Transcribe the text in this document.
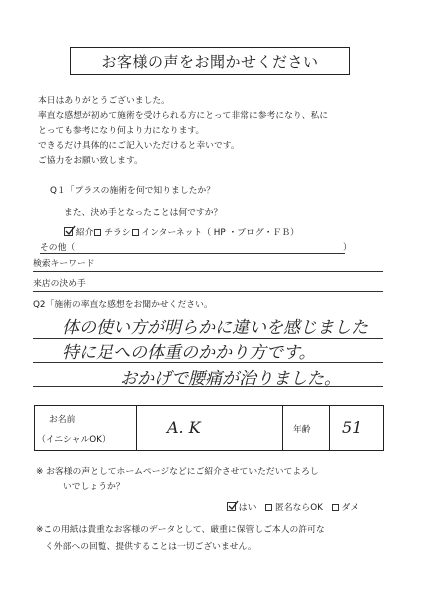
お客様の声をお聞かせください
本日はありがとうございました。
率直な感想が初めて施術を受けられる方にとって非常に参考になり、私に
とっても参考になり何より力になります。
できるだけ具体的にご記入いただけると幸いです。
ご協力をお願い致します。
Q１「プラスの施術を何で知りましたか？
また、決め手となったことは何ですか？
紹介 チラシ インターネット（ HP ・ブログ・ＦＢ）
その他（	）
検索キーワード
来店の決め手
Q2「施術の率直な感想をお聞かせください。
体の使い方が明らかに違いを感じました
特に足への体重のかかり方です。
おかげで腰痛が治りました。
お名前
（イニシャルOK）
A. K	年齢 51
※ お客様の声としてホームページなどにご紹介させていただいてよろし
いでしょうか？
はい 匿名ならOK ダメ
※この用紙は貴重なお客様のデータとして、厳重に保管しご本人の許可な
く外部への回覧、提供することは一切ございません。
